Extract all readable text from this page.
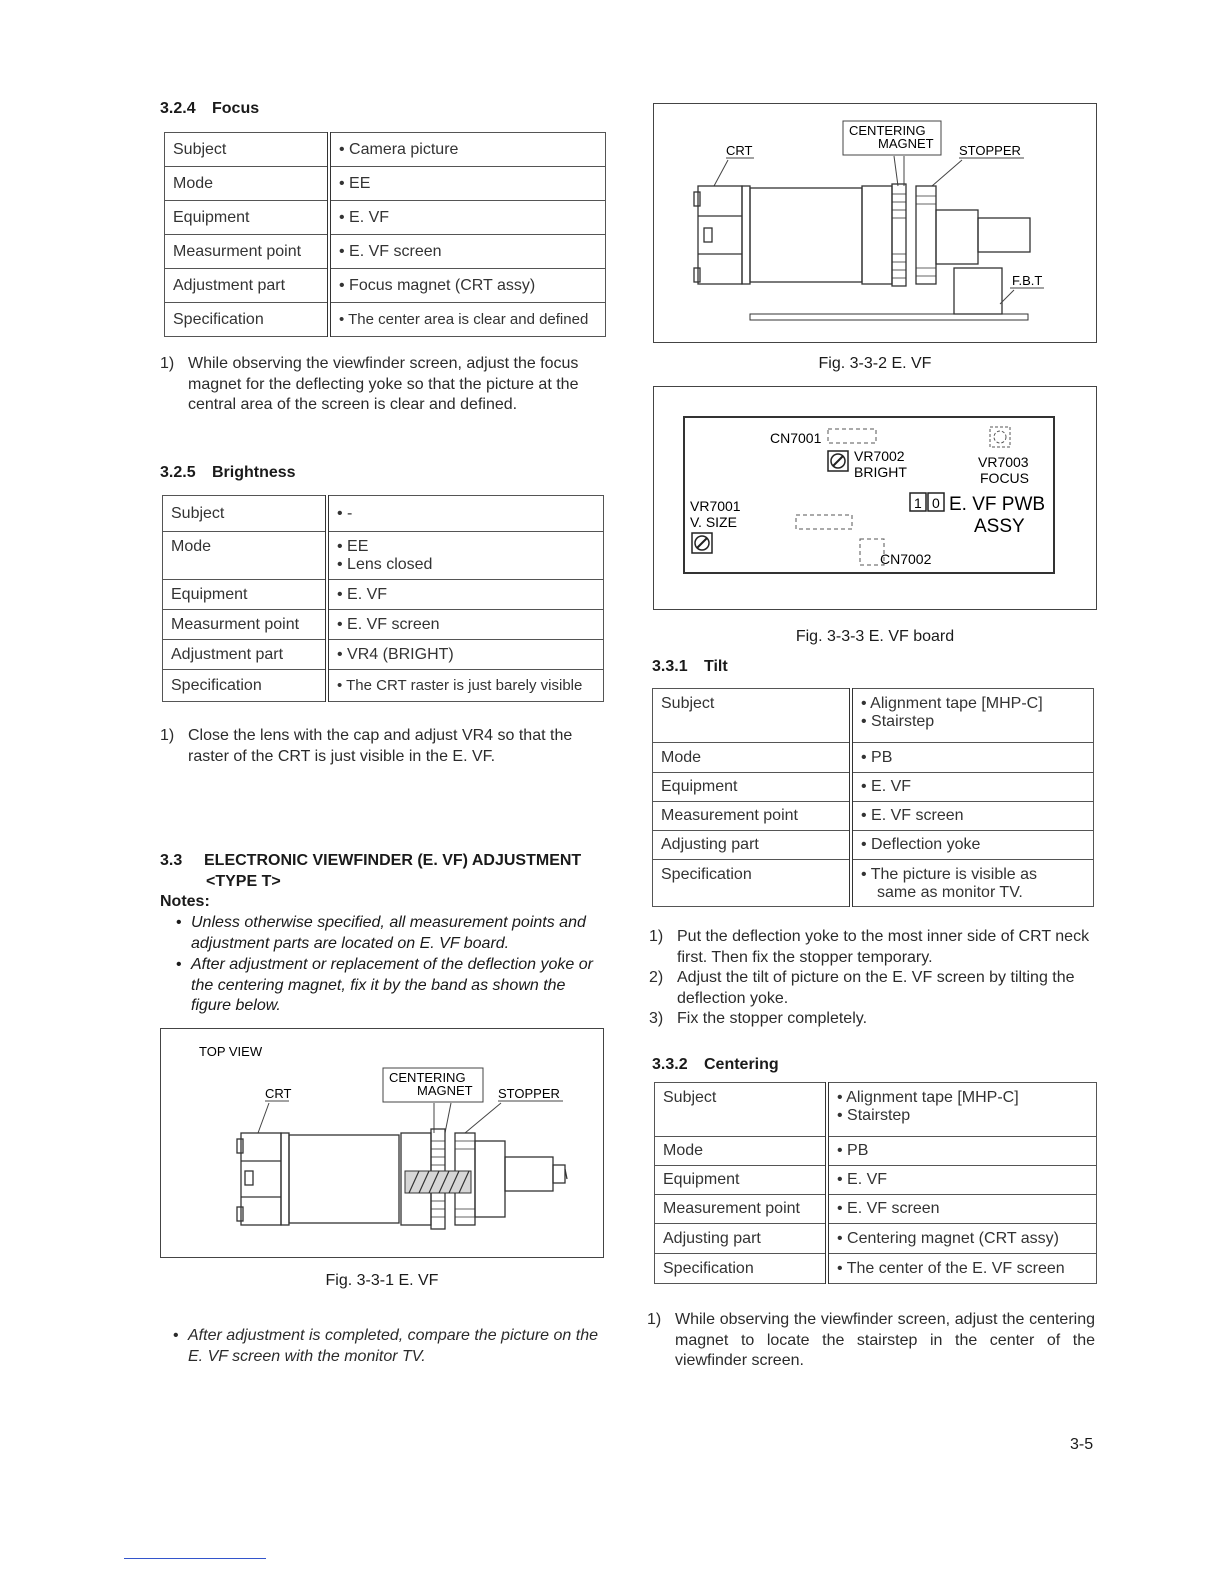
3.2.4 Focus
Subject	• Camera picture
Mode	• EE
Equipment	• E. VF
Measurment point	• E. VF screen
Adjustment part	• Focus magnet (CRT assy)
Specification	• The center area is clear and defined

1) While observing the viewfinder screen, adjust the focus magnet for the deflecting yoke so that the picture at the central area of the screen is clear and defined.

3.2.5 Brightness
Subject	• -
Mode	• EE
• Lens closed

Equipment	• E. VF
Measurment point	• E. VF screen
Adjustment part	• VR4 (BRIGHT)
Specification	• The CRT raster is just barely visible

1) Close the lens with the cap and adjust VR4 so that the raster of the CRT is just visible in the E. VF.

3.3 ELECTRONIC VIEWFINDER (E. VF) ADJUSTMENT
<TYPE T>
Notes:
• Unless otherwise specified, all measurement points and adjustment parts are located on E. VF board.
• After adjustment or replacement of the deflection yoke or the centering magnet, fix it by the band as shown the figure below.
TOP VIEW
CRT
CENTERING
MAGNET STOPPER
Fig. 3-3-1 E. VF

• After adjustment is completed, compare the picture on the E. VF screen with the monitor TV.

CRT
CENTERING
MAGNET STOPPER
F.B.T
Fig. 3-3-2 E. VF
CN7001
VR7002
BRIGHT
VR7003
FOCUS
VR7001
V. SIZE
1 0 E. VF PWB
ASSY
CN7002
Fig. 3-3-3 E. VF board
3.3.1 Tilt
Subject	• Alignment tape [MHP-C]
• Stairstep

Mode	• PB
Equipment	• E. VF
Measurement point	• E. VF screen
Adjusting part	• Deflection yoke
Specification	• The picture is visible as
same as monitor TV.

1) Put the deflection yoke to the most inner side of CRT neck first. Then fix the stopper temporary.

2) Adjust the tilt of picture on the E. VF screen by tilting the deflection yoke.

3) Fix the stopper completely.

3.3.2 Centering
Subject	• Alignment tape [MHP-C]
• Stairstep

Mode	• PB
Equipment	• E. VF
Measurement point	• E. VF screen
Adjusting part	• Centering magnet (CRT assy)
Specification	• The center of the E. VF screen

1) While observing the viewfinder screen, adjust the centering magnet to locate the stairstep in the center of the viewfinder screen.

3-5
